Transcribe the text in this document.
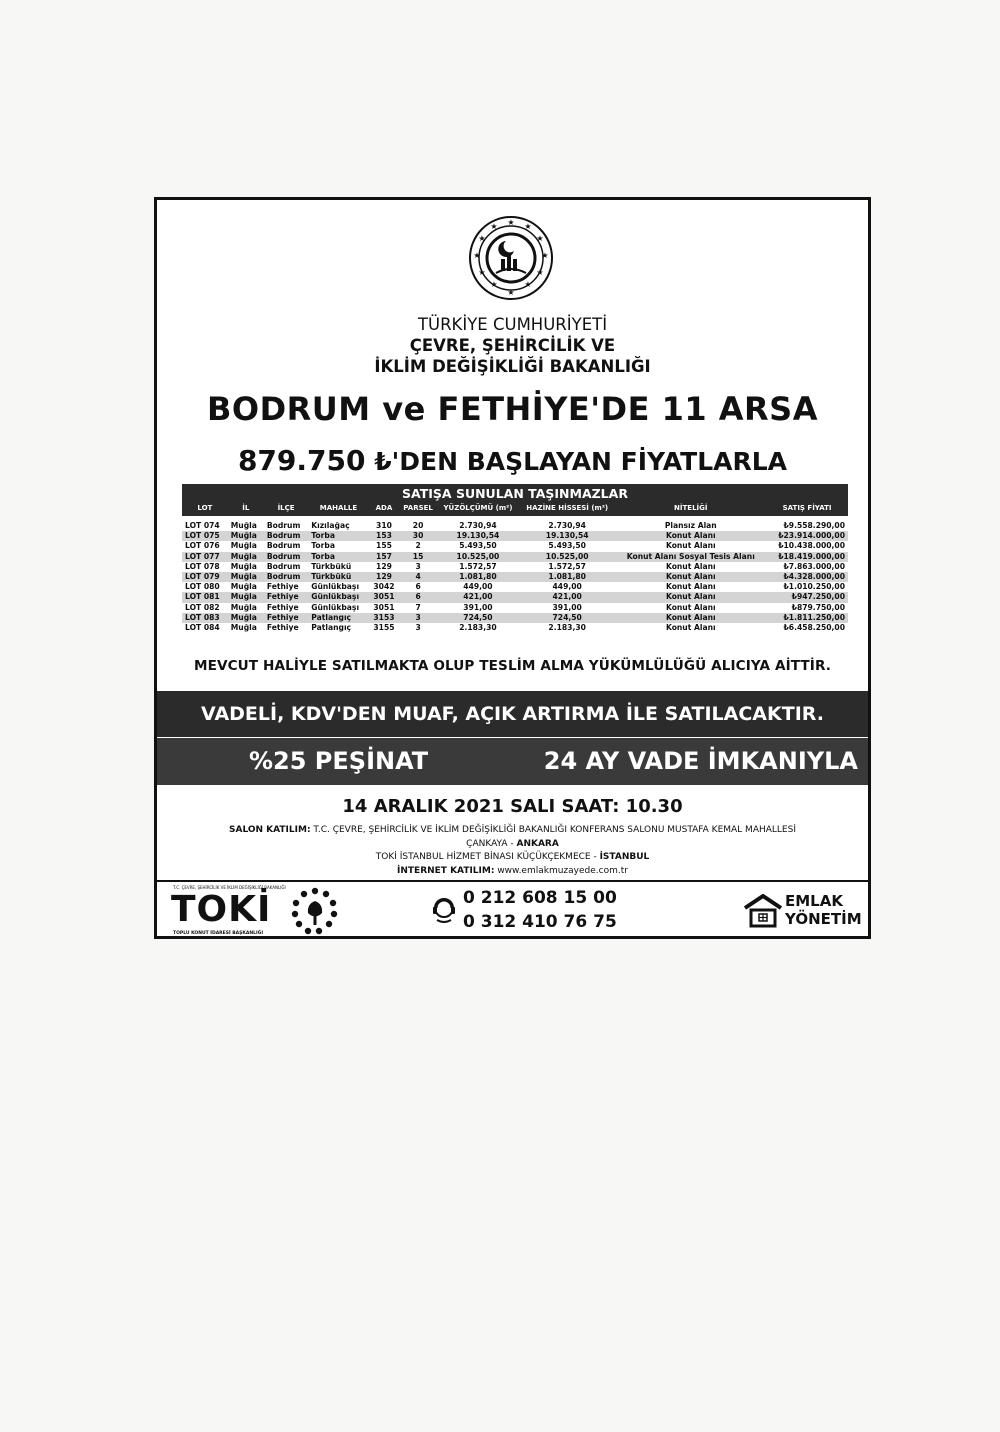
★ ★
★
★
★
★
★
★
★
★
★
★
TÜRKİYE CUMHURİYETİ
ÇEVRE, ŞEHİRCİLİK VE
İKLİM DEĞİŞİKLİĞİ BAKANLIĞI
BODRUM ve FETHİYE'DE 11 ARSA
879.750 ₺'DEN BAŞLAYAN FİYATLARLA
SATIŞA SUNULAN TAŞINMAZLAR
LOT	İL	İLÇE	MAHALLE	ADA	PARSEL	YÜZÖLÇÜMÜ (m²)	HAZİNE HİSSESİ (m²)	NİTELİĞİ	SATIŞ FİYATI
LOT 074	Muğla	Bodrum	Kızılağaç	310	20	2.730,94	2.730,94	Plansız Alan	₺9.558.290,00
LOT 075	Muğla	Bodrum	Torba	153	30	19.130,54	19.130,54	Konut Alanı	₺23.914.000,00
LOT 076	Muğla	Bodrum	Torba	155	2	5.493,50	5.493,50	Konut Alanı	₺10.438.000,00
LOT 077	Muğla	Bodrum	Torba	157	15	10.525,00	10.525,00	Konut Alanı Sosyal Tesis Alanı	₺18.419.000,00
LOT 078	Muğla	Bodrum	Türkbükü	129	3	1.572,57	1.572,57	Konut Alanı	₺7.863.000,00
LOT 079	Muğla	Bodrum	Türkbükü	129	4	1.081,80	1.081,80	Konut Alanı	₺4.328.000,00
LOT 080	Muğla	Fethiye	Günlükbaşı	3042	6	449,00	449,00	Konut Alanı	₺1.010.250,00
LOT 081	Muğla	Fethiye	Günlükbaşı	3051	6	421,00	421,00	Konut Alanı	₺947.250,00
LOT 082	Muğla	Fethiye	Günlükbaşı	3051	7	391,00	391,00	Konut Alanı	₺879.750,00
LOT 083	Muğla	Fethiye	Patlangıç	3153	3	724,50	724,50	Konut Alanı	₺1.811.250,00
LOT 084	Muğla	Fethiye	Patlangıç	3155	3	2.183,30	2.183,30	Konut Alanı	₺6.458.250,00
MEVCUT HALİYLE SATILMAKTA OLUP TESLİM ALMA YÜKÜMLÜLÜĞÜ ALICIYA AİTTİR.
VADELİ, KDV'DEN MUAF, AÇIK ARTIRMA İLE SATILACAKTIR.
%25 PEŞİNAT	24 AY VADE İMKANIYLA
14 ARALIK 2021 SALI SAAT: 10.30
SALON KATILIM: T.C. ÇEVRE, ŞEHİRCİLİK VE İKLİM DEĞİŞİKLİĞİ BAKANLIĞI KONFERANS SALONU MUSTAFA KEMAL MAHALLESİ
ÇANKAYA - ANKARA
TOKİ İSTANBUL HİZMET BİNASI KÜÇÜKÇEKMECE - İSTANBUL
İNTERNET KATILIM: www.emlakmuzayede.com.tr
T.C. ÇEVRE, ŞEHİRCİLİK VE İKLİM DEĞİŞİKLİĞİ BAKANLIĞI
TOKİ
TOPLU KONUT İDARESİ BAŞKANLIĞI
0 212 608 15 00
0 312 410 76 75
EMLAK
YÖNETİM
